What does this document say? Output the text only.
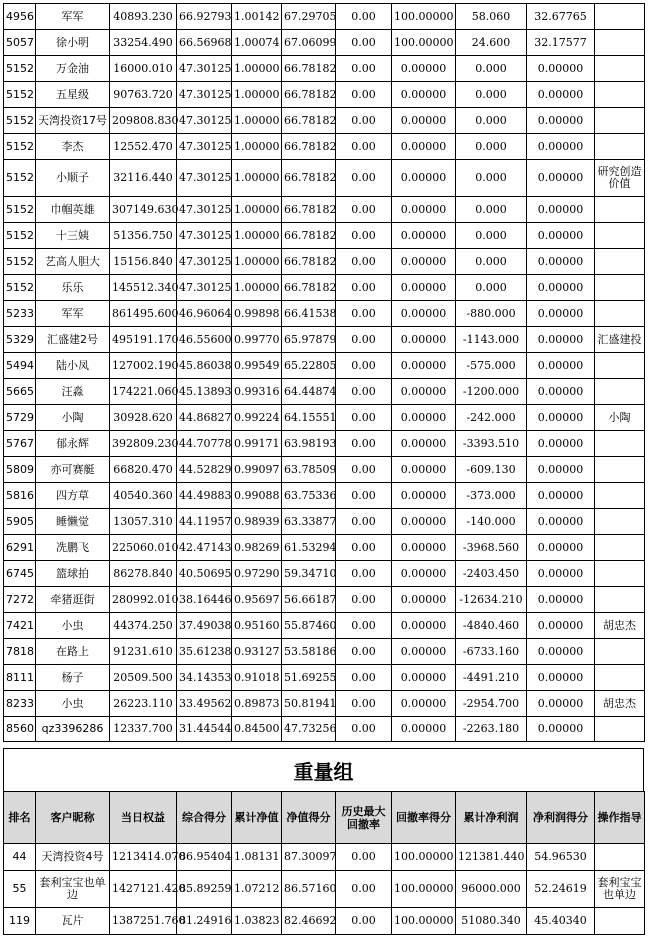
4956	军军	40893.230	66.92793	1.00142	67.29705	0.00	100.00000	58.060	32.67765	
5057	徐小明	33254.490	66.56968	1.00074	67.06099	0.00	100.00000	24.600	32.17577	
5152	万金油	16000.010	47.30125	1.00000	66.78182	0.00	0.00000	0.000	0.00000	
5152	五星级	90763.720	47.30125	1.00000	66.78182	0.00	0.00000	0.000	0.00000	
5152	天湾投资17号	209808.830	47.30125	1.00000	66.78182	0.00	0.00000	0.000	0.00000	
5152	李杰	12552.470	47.30125	1.00000	66.78182	0.00	0.00000	0.000	0.00000	
5152	小顺子	32116.440	47.30125	1.00000	66.78182	0.00	0.00000	0.000	0.00000	研究创造价值
5152	巾帼英雄	307149.630	47.30125	1.00000	66.78182	0.00	0.00000	0.000	0.00000	
5152	十三姨	51356.750	47.30125	1.00000	66.78182	0.00	0.00000	0.000	0.00000	
5152	艺高人胆大	15156.840	47.30125	1.00000	66.78182	0.00	0.00000	0.000	0.00000	
5152	乐乐	145512.340	47.30125	1.00000	66.78182	0.00	0.00000	0.000	0.00000	
5233	军军	861495.600	46.96064	0.99898	66.41538	0.00	0.00000	-880.000	0.00000	
5329	汇盛建2号	495191.170	46.55600	0.99770	65.97879	0.00	0.00000	-1143.000	0.00000	汇盛建投
5494	陆小凤	127002.190	45.86038	0.99549	65.22805	0.00	0.00000	-575.000	0.00000	
5665	汪淼	174221.060	45.13893	0.99316	64.44874	0.00	0.00000	-1200.000	0.00000	
5729	小陶	30928.620	44.86827	0.99224	64.15551	0.00	0.00000	-242.000	0.00000	小陶
5767	郁永辉	392809.230	44.70778	0.99171	63.98193	0.00	0.00000	-3393.510	0.00000	
5809	亦可赛艇	66820.470	44.52829	0.99097	63.78509	0.00	0.00000	-609.130	0.00000	
5816	四方草	40540.360	44.49883	0.99088	63.75336	0.00	0.00000	-373.000	0.00000	
5905	睡懒觉	13057.310	44.11957	0.98939	63.33877	0.00	0.00000	-140.000	0.00000	
6291	冼鹏飞	225060.010	42.47143	0.98269	61.53294	0.00	0.00000	-3968.560	0.00000	
6745	篮球拍	86278.840	40.50695	0.97290	59.34710	0.00	0.00000	-2403.450	0.00000	
7272	牵猪逛街	280992.010	38.16446	0.95697	56.66187	0.00	0.00000	-12634.210	0.00000	
7421	小虫	44374.250	37.49038	0.95160	55.87460	0.00	0.00000	-4840.460	0.00000	胡忠杰
7818	在路上	91231.610	35.61238	0.93127	53.58186	0.00	0.00000	-6733.160	0.00000	
8111	杨子	20509.500	34.14353	0.91018	51.69255	0.00	0.00000	-4491.210	0.00000	
8233	小虫	26223.110	33.49562	0.89873	50.81941	0.00	0.00000	-2954.700	0.00000	胡忠杰
8560	qz3396286	12337.700	31.44544	0.84500	47.73256	0.00	0.00000	-2263.180	0.00000	
重量组
排名	客户昵称	当日权益	综合得分	累计净值	净值得分	历史最大回撤率	回撤率得分	累计净利润	净利润得分	操作指导
44	天湾投资4号	1213414.070	86.95404	1.08131	87.30097	0.00	100.00000	121381.440	54.96530	
55	套利宝宝也单边	1427121.420	85.89259	1.07212	86.57160	0.00	100.00000	96000.000	52.24619	套利宝宝也单边
119	瓦片	1387251.760	81.24916	1.03823	82.46692	0.00	100.00000	51080.340	45.40340	
